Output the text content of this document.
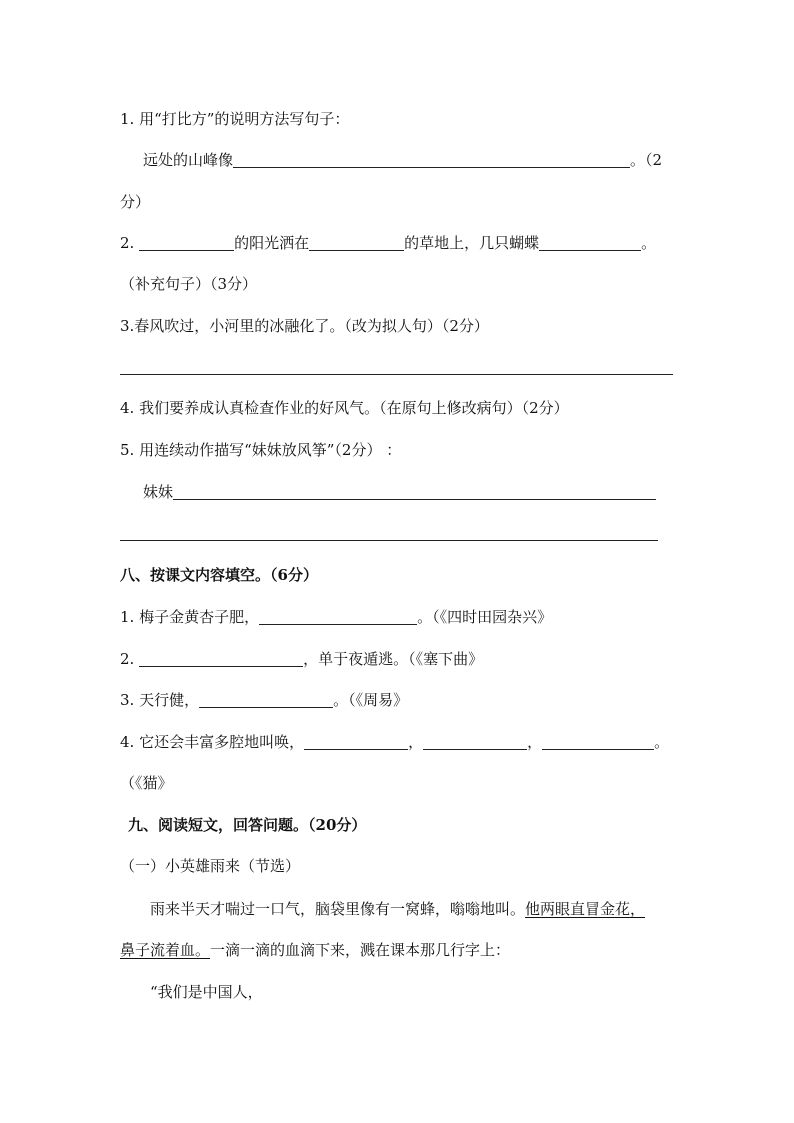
1. 用“打比方”的说明方法写句子：
远处的山峰像	。（2
分）
2.	的阳光洒在	的草地上，几只蝴蝶	。
（补充句子）（3分）
3.春风吹过，小河里的冰融化了。（改为拟人句）（2分）
4. 我们要养成认真检查作业的好风气。（在原句上修改病句）（2分）
5. 用连续动作描写“妹妹放风筝”（2分） ：
妹妹
八、按课文内容填空。（6分）
1. 梅子金黄杏子肥，	。（《四时田园杂兴》
2.	，单于夜遁逃。（《塞下曲》
3. 天行健，	。（《周易》
4. 它还会丰富多腔地叫唤，	，	，	。
（《猫》
九、阅读短文，回答问题。（20分）
（一）小英雄雨来（节选）
雨来半天才喘过一口气，脑袋里像有一窝蜂，嗡嗡地叫。他两眼直冒金花，
鼻子流着血。一滴一滴的血滴下来，溅在课本那几行字上：
“我们是中国人，
